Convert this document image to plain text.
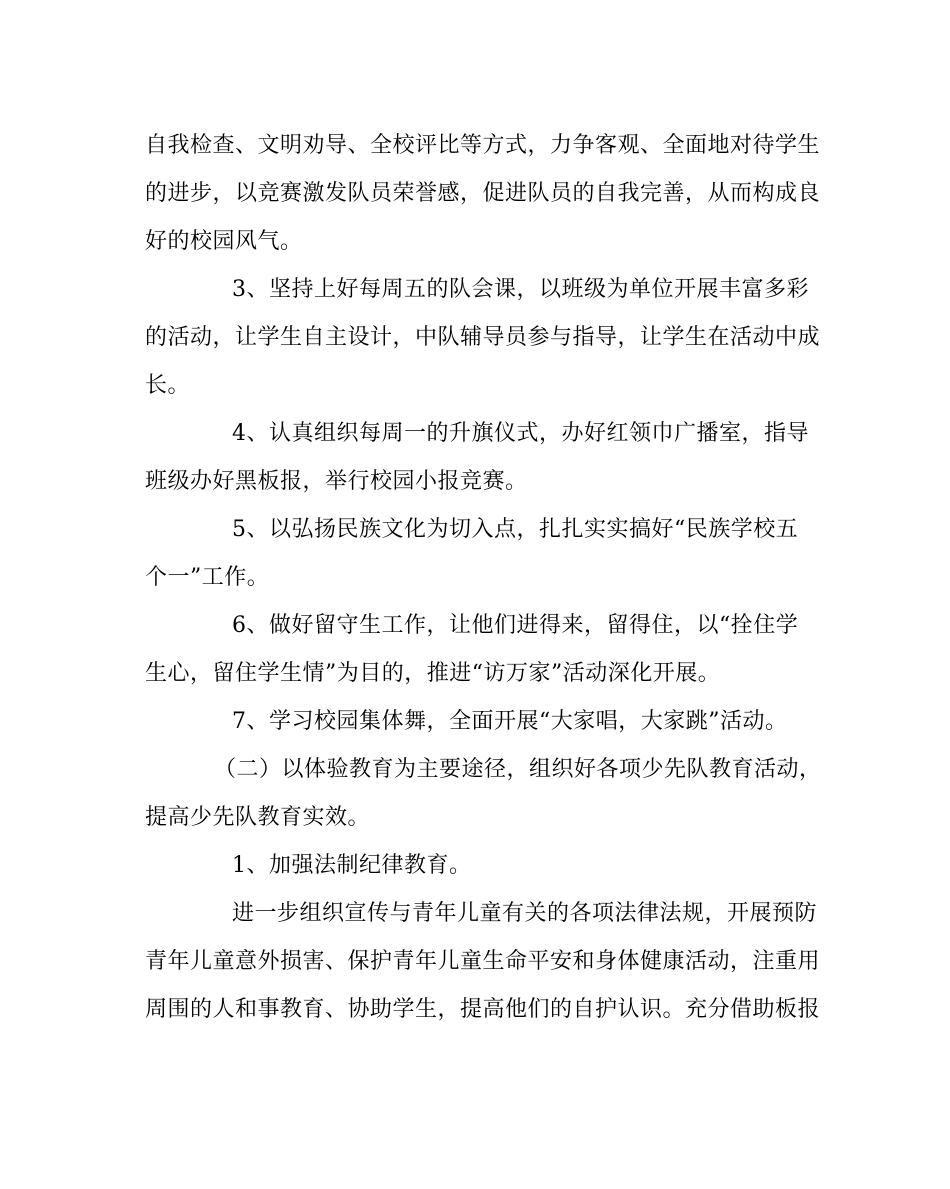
自我检查、文明劝导、全校评比等方式，力争客观、全面地对待学生
的进步，以竞赛激发队员荣誉感，促进队员的自我完善，从而构成良
好的校园风气。
3、坚持上好每周五的队会课，以班级为单位开展丰富多彩
的活动，让学生自主设计，中队辅导员参与指导，让学生在活动中成
长。
4、认真组织每周一的升旗仪式，办好红领巾广播室，指导
班级办好黑板报，举行校园小报竞赛。
5、以弘扬民族文化为切入点，扎扎实实搞好“民族学校五
个一”工作。
6、做好留守生工作，让他们进得来，留得住，以“拴住学
生心，留住学生情”为目的，推进“访万家”活动深化开展。
7、学习校园集体舞，全面开展“大家唱，大家跳”活动。
（二）以体验教育为主要途径，组织好各项少先队教育活动，
提高少先队教育实效。
1、加强法制纪律教育。
进一步组织宣传与青年儿童有关的各项法律法规，开展预防
青年儿童意外损害、保护青年儿童生命平安和身体健康活动，注重用
周围的人和事教育、协助学生，提高他们的自护认识。充分借助板报
